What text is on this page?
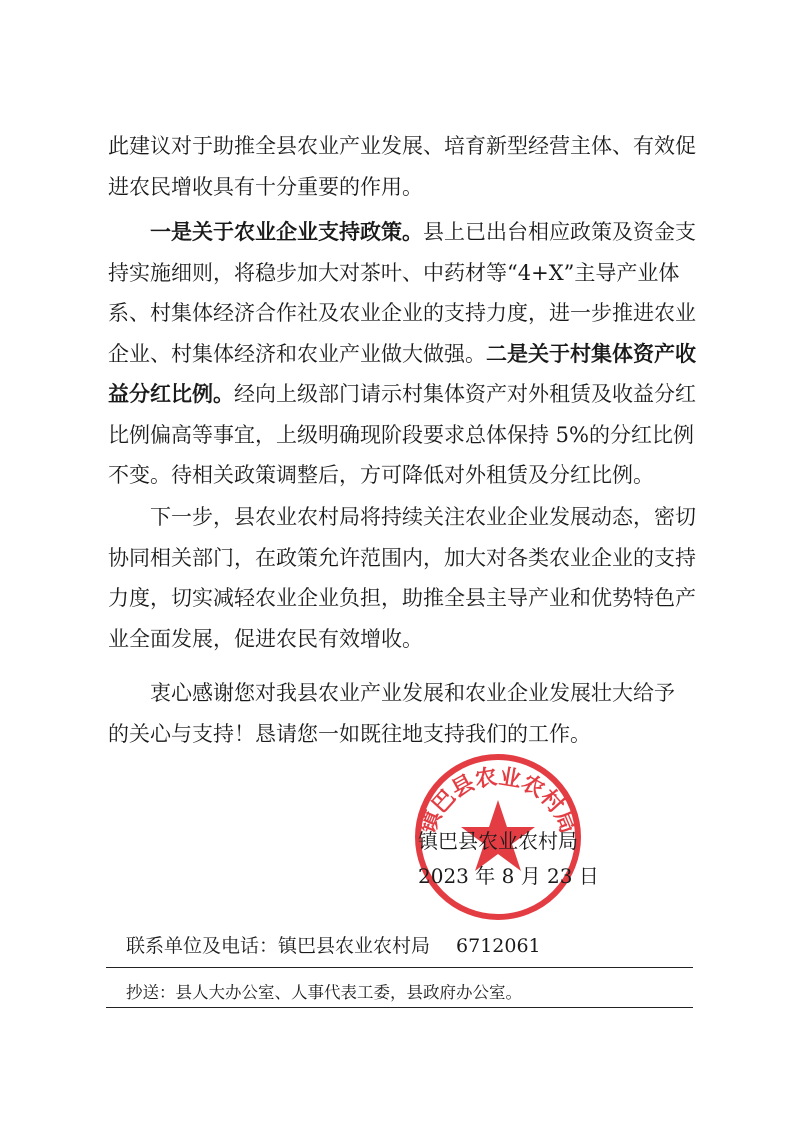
此建议对于助推全县农业产业发展、培育新型经营主体、有效促
进农民增收具有十分重要的作用。
一是关于农业企业支持政策。县上已出台相应政策及资金支
持实施细则，将稳步加大对茶叶、中药材等“4+X”主导产业体
系、村集体经济合作社及农业企业的支持力度，进一步推进农业
企业、村集体经济和农业产业做大做强。二是关于村集体资产收
益分红比例。经向上级部门请示村集体资产对外租赁及收益分红
比例偏高等事宜，上级明确现阶段要求总体保持 5%的分红比例
不变。待相关政策调整后，方可降低对外租赁及分红比例。
下一步，县农业农村局将持续关注农业企业发展动态，密切
协同相关部门，在政策允许范围内，加大对各类农业企业的支持
力度，切实减轻农业企业负担，助推全县主导产业和优势特色产
业全面发展，促进农民有效增收。
衷心感谢您对我县农业产业发展和农业企业发展壮大给予
的关心与支持！恳请您一如既往地支持我们的工作。
镇巴县农业农村局
镇巴县农业农村局
2023 年 8 月 23 日
联系单位及电话：镇巴县农业农村局 6712061
抄送：县人大办公室、人事代表工委，县政府办公室。
